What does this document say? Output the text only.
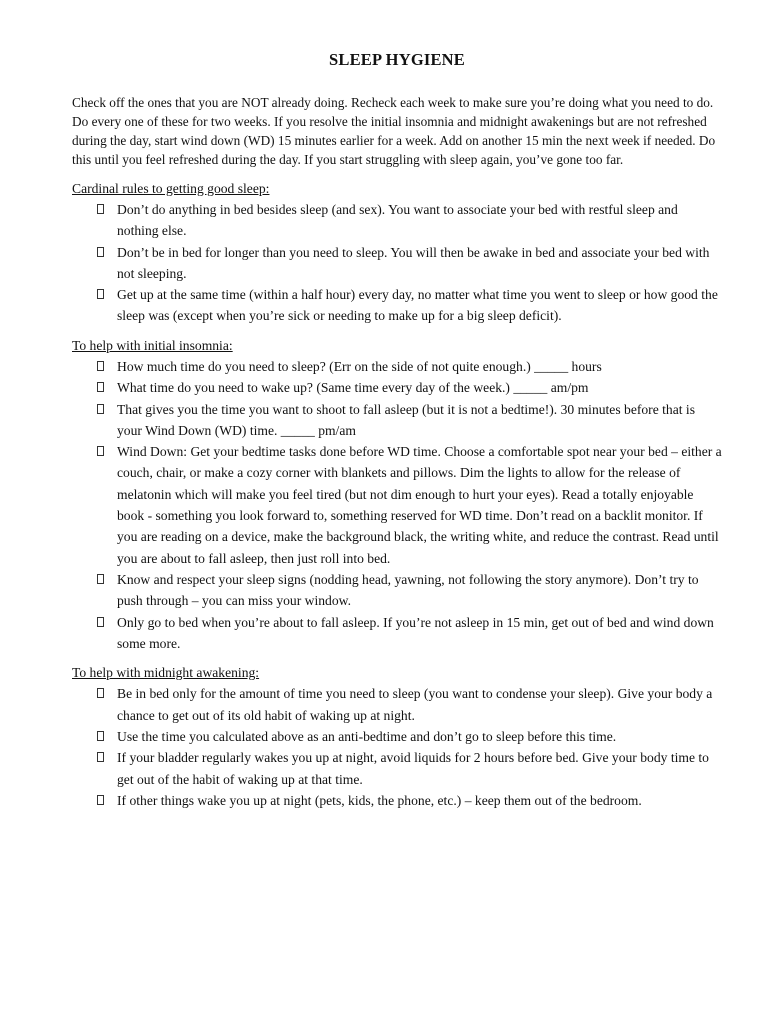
SLEEP HYGIENE

Check off the ones that you are NOT already doing. Recheck each week to make sure you’re doing what you need to do. Do every one of these for two weeks. If you resolve the initial insomnia and midnight awakenings but are not refreshed during the day, start wind down (WD) 15 minutes earlier for a week. Add on another 15 min the next week if needed. Do this until you feel refreshed during the day. If you start struggling with sleep again, you’ve gone too far.

Cardinal rules to getting good sleep:

Don’t do anything in bed besides sleep (and sex). You want to associate your bed with restful sleep and nothing else.
Don’t be in bed for longer than you need to sleep. You will then be awake in bed and associate your bed with not sleeping.
Get up at the same time (within a half hour) every day, no matter what time you went to sleep or how good the sleep was (except when you’re sick or needing to make up for a big sleep deficit).

To help with initial insomnia:

How much time do you need to sleep? (Err on the side of not quite enough.) _____ hours
What time do you need to wake up? (Same time every day of the week.) _____ am/pm
That gives you the time you want to shoot to fall asleep (but it is not a bedtime!). 30 minutes before that is your Wind Down (WD) time. _____ pm/am
Wind Down: Get your bedtime tasks done before WD time. Choose a comfortable spot near your bed – either a couch, chair, or make a cozy corner with blankets and pillows. Dim the lights to allow for the release of melatonin which will make you feel tired (but not dim enough to hurt your eyes). Read a totally enjoyable book - something you look forward to, something reserved for WD time. Don’t read on a backlit monitor. If you are reading on a device, make the background black, the writing white, and reduce the contrast. Read until you are about to fall asleep, then just roll into bed.
Know and respect your sleep signs (nodding head, yawning, not following the story anymore). Don’t try to push through – you can miss your window.
Only go to bed when you’re about to fall asleep. If you’re not asleep in 15 min, get out of bed and wind down some more.

To help with midnight awakening:

Be in bed only for the amount of time you need to sleep (you want to condense your sleep). Give your body a chance to get out of its old habit of waking up at night.
Use the time you calculated above as an anti-bedtime and don’t go to sleep before this time.
If your bladder regularly wakes you up at night, avoid liquids for 2 hours before bed. Give your body time to get out of the habit of waking up at that time.
If other things wake you up at night (pets, kids, the phone, etc.) – keep them out of the bedroom.
